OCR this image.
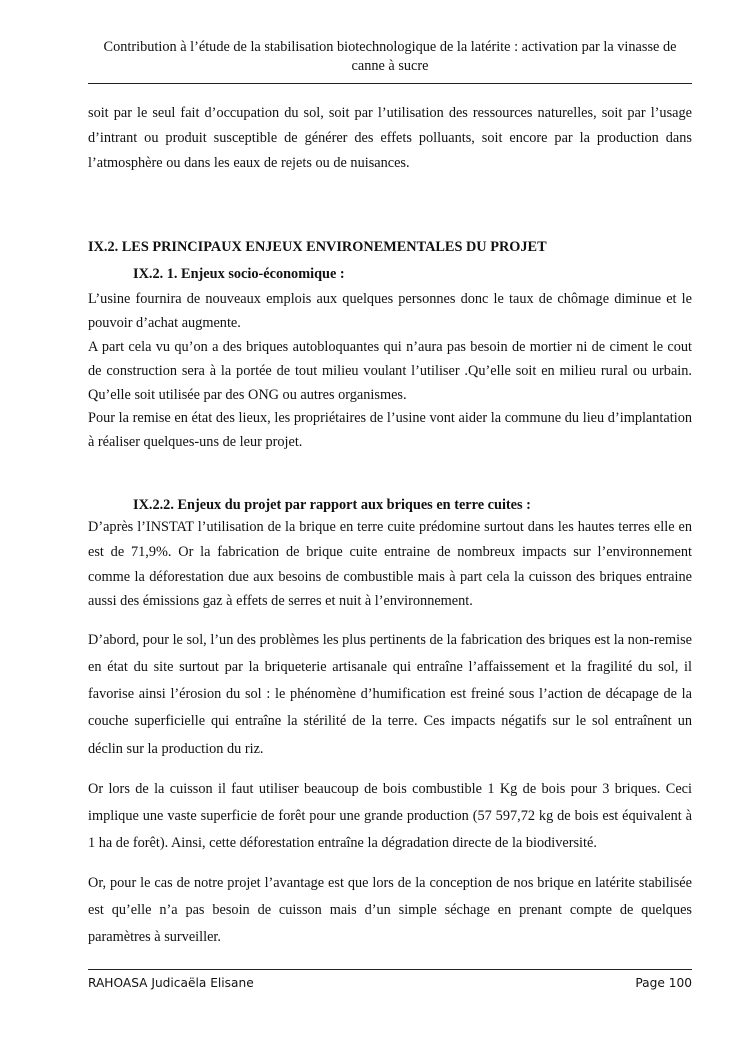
Contribution à l’étude de la stabilisation biotechnologique de la latérite : activation par la vinasse de canne à sucre

soit par le seul fait d’occupation du sol, soit par l’utilisation des ressources naturelles, soit par l’usage d’intrant ou produit susceptible de générer des effets polluants, soit encore par la production dans l’atmosphère ou dans les eaux de rejets ou de nuisances.

IX.2. LES PRINCIPAUX ENJEUX ENVIRONEMENTALES DU PROJET
IX.2. 1. Enjeux socio-économique :

L’usine fournira de nouveaux emplois aux quelques personnes donc le taux de chômage diminue et le pouvoir d’achat augmente.

A part cela vu qu’on a des briques autobloquantes qui n’aura pas besoin de mortier ni de ciment le cout de construction sera à la portée de tout milieu voulant l’utiliser .Qu’elle soit en milieu rural ou urbain. Qu’elle soit utilisée par des ONG ou autres organismes.

Pour la remise en état des lieux, les propriétaires de l’usine vont aider la commune du lieu d’implantation à réaliser quelques-uns de leur projet.

IX.2.2. Enjeux du projet par rapport aux briques en terre cuites :

D’après l’INSTAT l’utilisation de la brique en terre cuite prédomine surtout dans les hautes terres elle en est de 71,9%. Or la fabrication de brique cuite entraine de nombreux impacts sur l’environnement comme la déforestation due aux besoins de combustible mais à part cela la cuisson des briques entraine aussi des émissions gaz à effets de serres et nuit à l’environnement.

D’abord, pour le sol, l’un des problèmes les plus pertinents de la fabrication des briques est la non-remise en état du site surtout par la briqueterie artisanale qui entraîne l’affaissement et la fragilité du sol, il favorise ainsi l’érosion du sol : le phénomène d’humification est freiné sous l’action de décapage de la couche superficielle qui entraîne la stérilité de la terre. Ces impacts négatifs sur le sol entraînent un déclin sur la production du riz.

Or lors de la cuisson il faut utiliser beaucoup de bois combustible 1 Kg de bois pour 3 briques. Ceci implique une vaste superficie de forêt pour une grande production (57 597,72 kg de bois est équivalent à 1 ha de forêt). Ainsi, cette déforestation entraîne la dégradation directe de la biodiversité.

Or, pour le cas de notre projet l’avantage est que lors de la conception de nos brique en latérite stabilisée est qu’elle n’a pas besoin de cuisson mais d’un simple séchage en prenant compte de quelques paramètres à surveiller.

RAHOASA Judicaëla Elisane	Page 100
